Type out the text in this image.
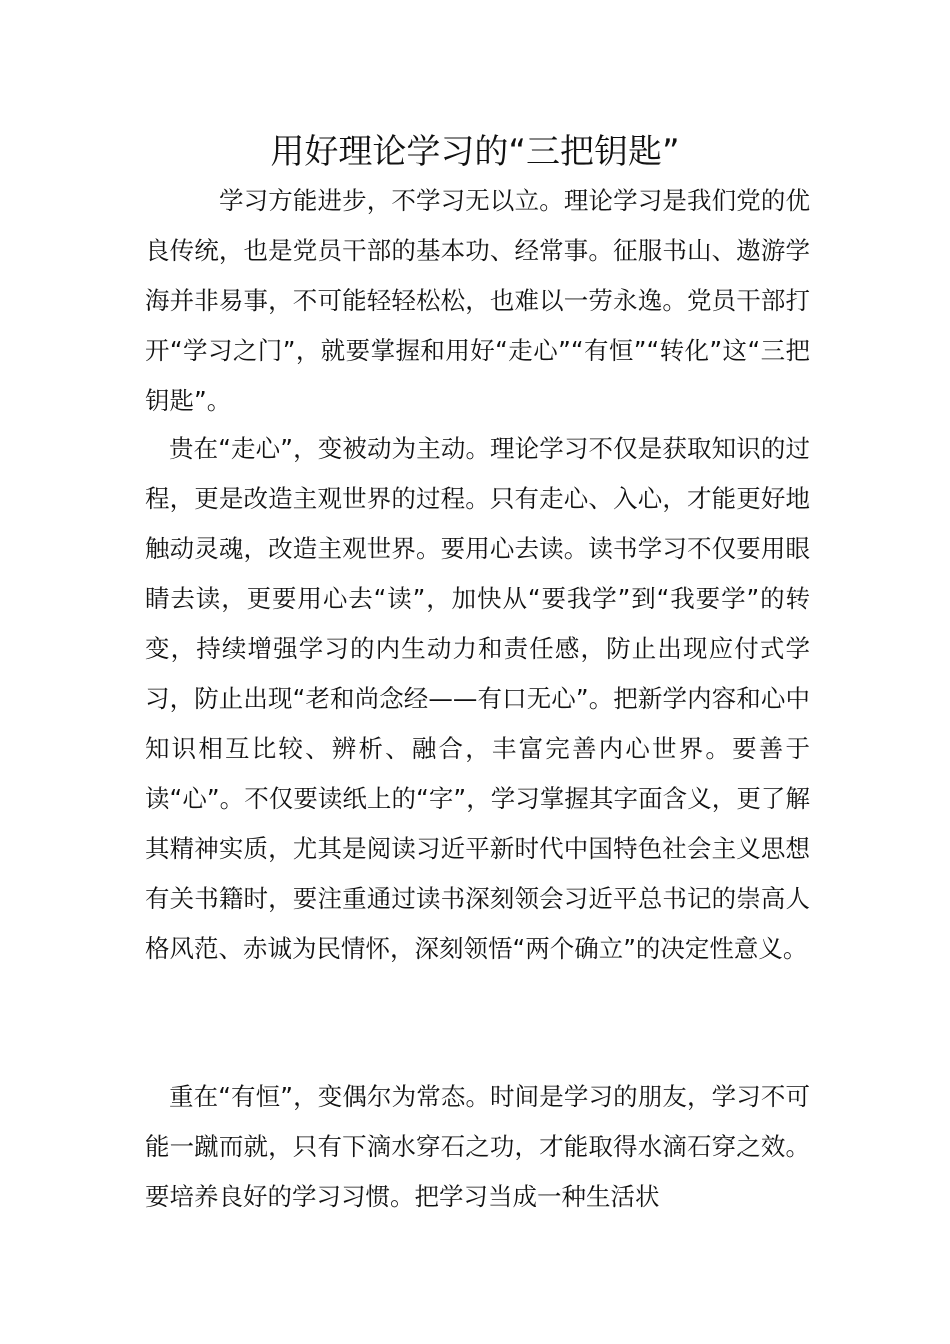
用好理论学习的“三把钥匙”

学习方能进步，不学习无以立。理论学习是我们党的优良传统，也是党员干部的基本功、经常事。征服书山、遨游学海并非易事，不可能轻轻松松，也难以一劳永逸。党员干部打开“学习之门”，就要掌握和用好“走心”“有恒”“转化”这“三把钥匙”。

贵在“走心”，变被动为主动。理论学习不仅是获取知识的过程，更是改造主观世界的过程。只有走心、入心，才能更好地触动灵魂，改造主观世界。要用心去读。读书学习不仅要用眼睛去读，更要用心去“读”，加快从“要我学”到“我要学”的转变，持续增强学习的内生动力和责任感，防止出现应付式学习，防止出现“老和尚念经——有口无心”。把新学内容和心中知识相互比较、辨析、融合，丰富完善内心世界。要善于读“心”。不仅要读纸上的“字”，学习掌握其字面含义，更了解其精神实质，尤其是阅读习近平新时代中国特色社会主义思想有关书籍时，要注重通过读书深刻领会习近平总书记的崇高人格风范、赤诚为民情怀，深刻领悟“两个确立”的决定性意义。

重在“有恒”，变偶尔为常态。时间是学习的朋友，学习不可能一蹴而就，只有下滴水穿石之功，才能取得水滴石穿之效。要培养良好的学习习惯。把学习当成一种生活状
